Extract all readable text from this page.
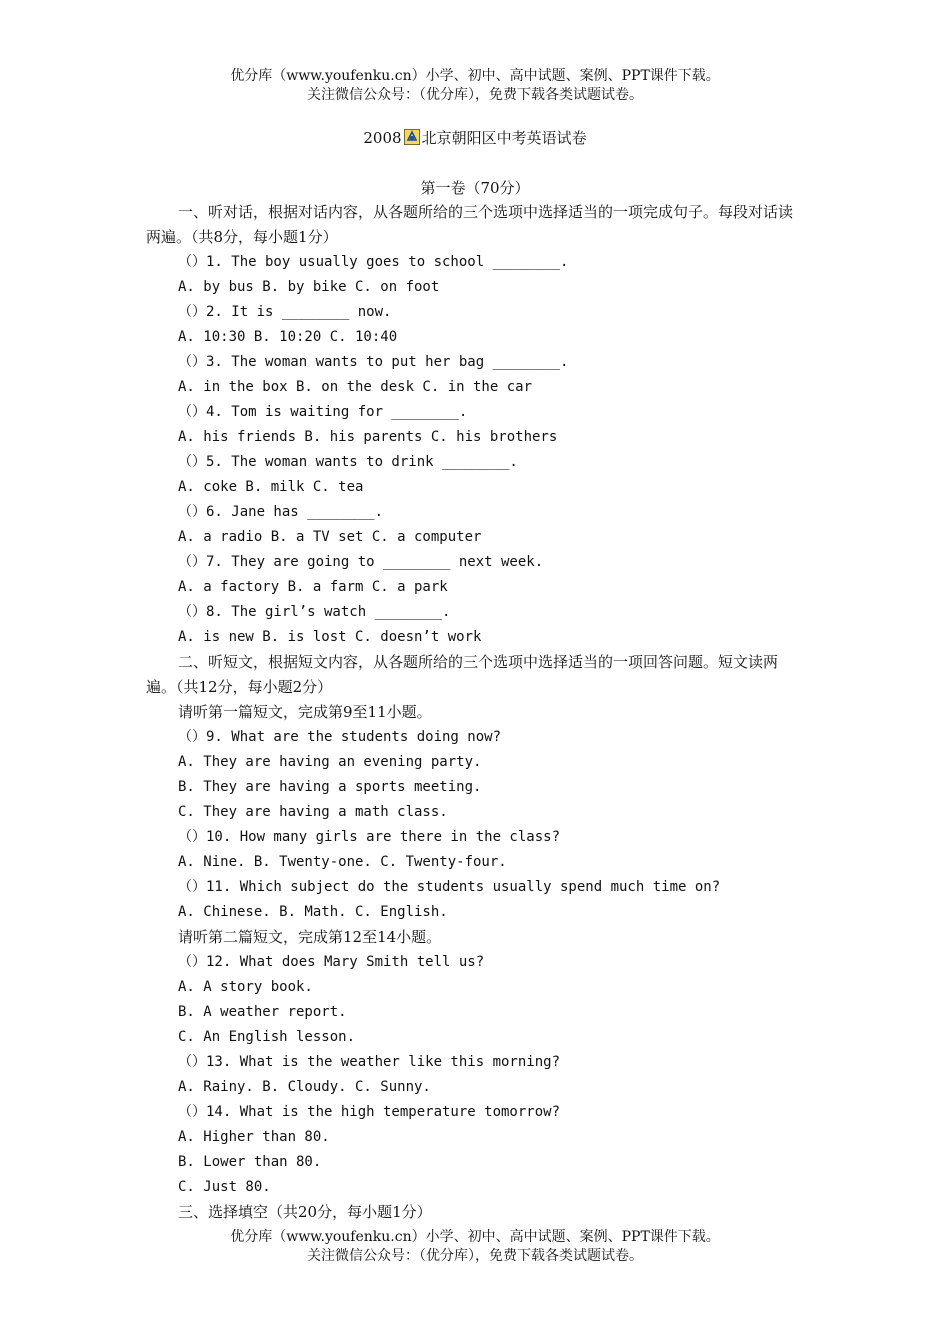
优分库（www.youfenku.cn）小学、初中、高中试题、案例、PPT课件下载。
关注微信公众号：（优分库），免费下载各类试题试卷。
2008 北京朝阳区中考英语试卷
第一卷（70分）
一、听对话，根据对话内容，从各题所给的三个选项中选择适当的一项完成句子。每段对话读两遍。（共8分，每小题1分）
（）1. The boy usually goes to school ________.
A. by bus B. by bike C. on foot
（）2. It is ________ now.
A. 10:30 B. 10:20 C. 10:40
（）3. The woman wants to put her bag ________.
A. in the box B. on the desk C. in the car
（）4. Tom is waiting for ________.
A. his friends B. his parents C. his brothers
（）5. The woman wants to drink ________.
A. coke B. milk C. tea
（）6. Jane has ________.
A. a radio B. a TV set C. a computer
（）7. They are going to ________ next week.
A. a factory B. a farm C. a park
（）8. The girl’s watch ________.
A. is new B. is lost C. doesn’t work
二、听短文，根据短文内容，从各题所给的三个选项中选择适当的一项回答问题。短文读两遍。（共12分，每小题2分）
请听第一篇短文，完成第9至11小题。
（）9. What are the students doing now?
A. They are having an evening party.
B. They are having a sports meeting.
C. They are having a math class.
（）10. How many girls are there in the class?
A. Nine. B. Twenty-one. C. Twenty-four.
（）11. Which subject do the students usually spend much time on?
A. Chinese. B. Math. C. English.
请听第二篇短文，完成第12至14小题。
（）12. What does Mary Smith tell us?
A. A story book.
B. A weather report.
C. An English lesson.
（）13. What is the weather like this morning?
A. Rainy. B. Cloudy. C. Sunny.
（）14. What is the high temperature tomorrow?
A. Higher than 80.
B. Lower than 80.
C. Just 80.
三、选择填空（共20分，每小题1分）
优分库（www.youfenku.cn）小学、初中、高中试题、案例、PPT课件下载。
关注微信公众号：（优分库），免费下载各类试题试卷。
